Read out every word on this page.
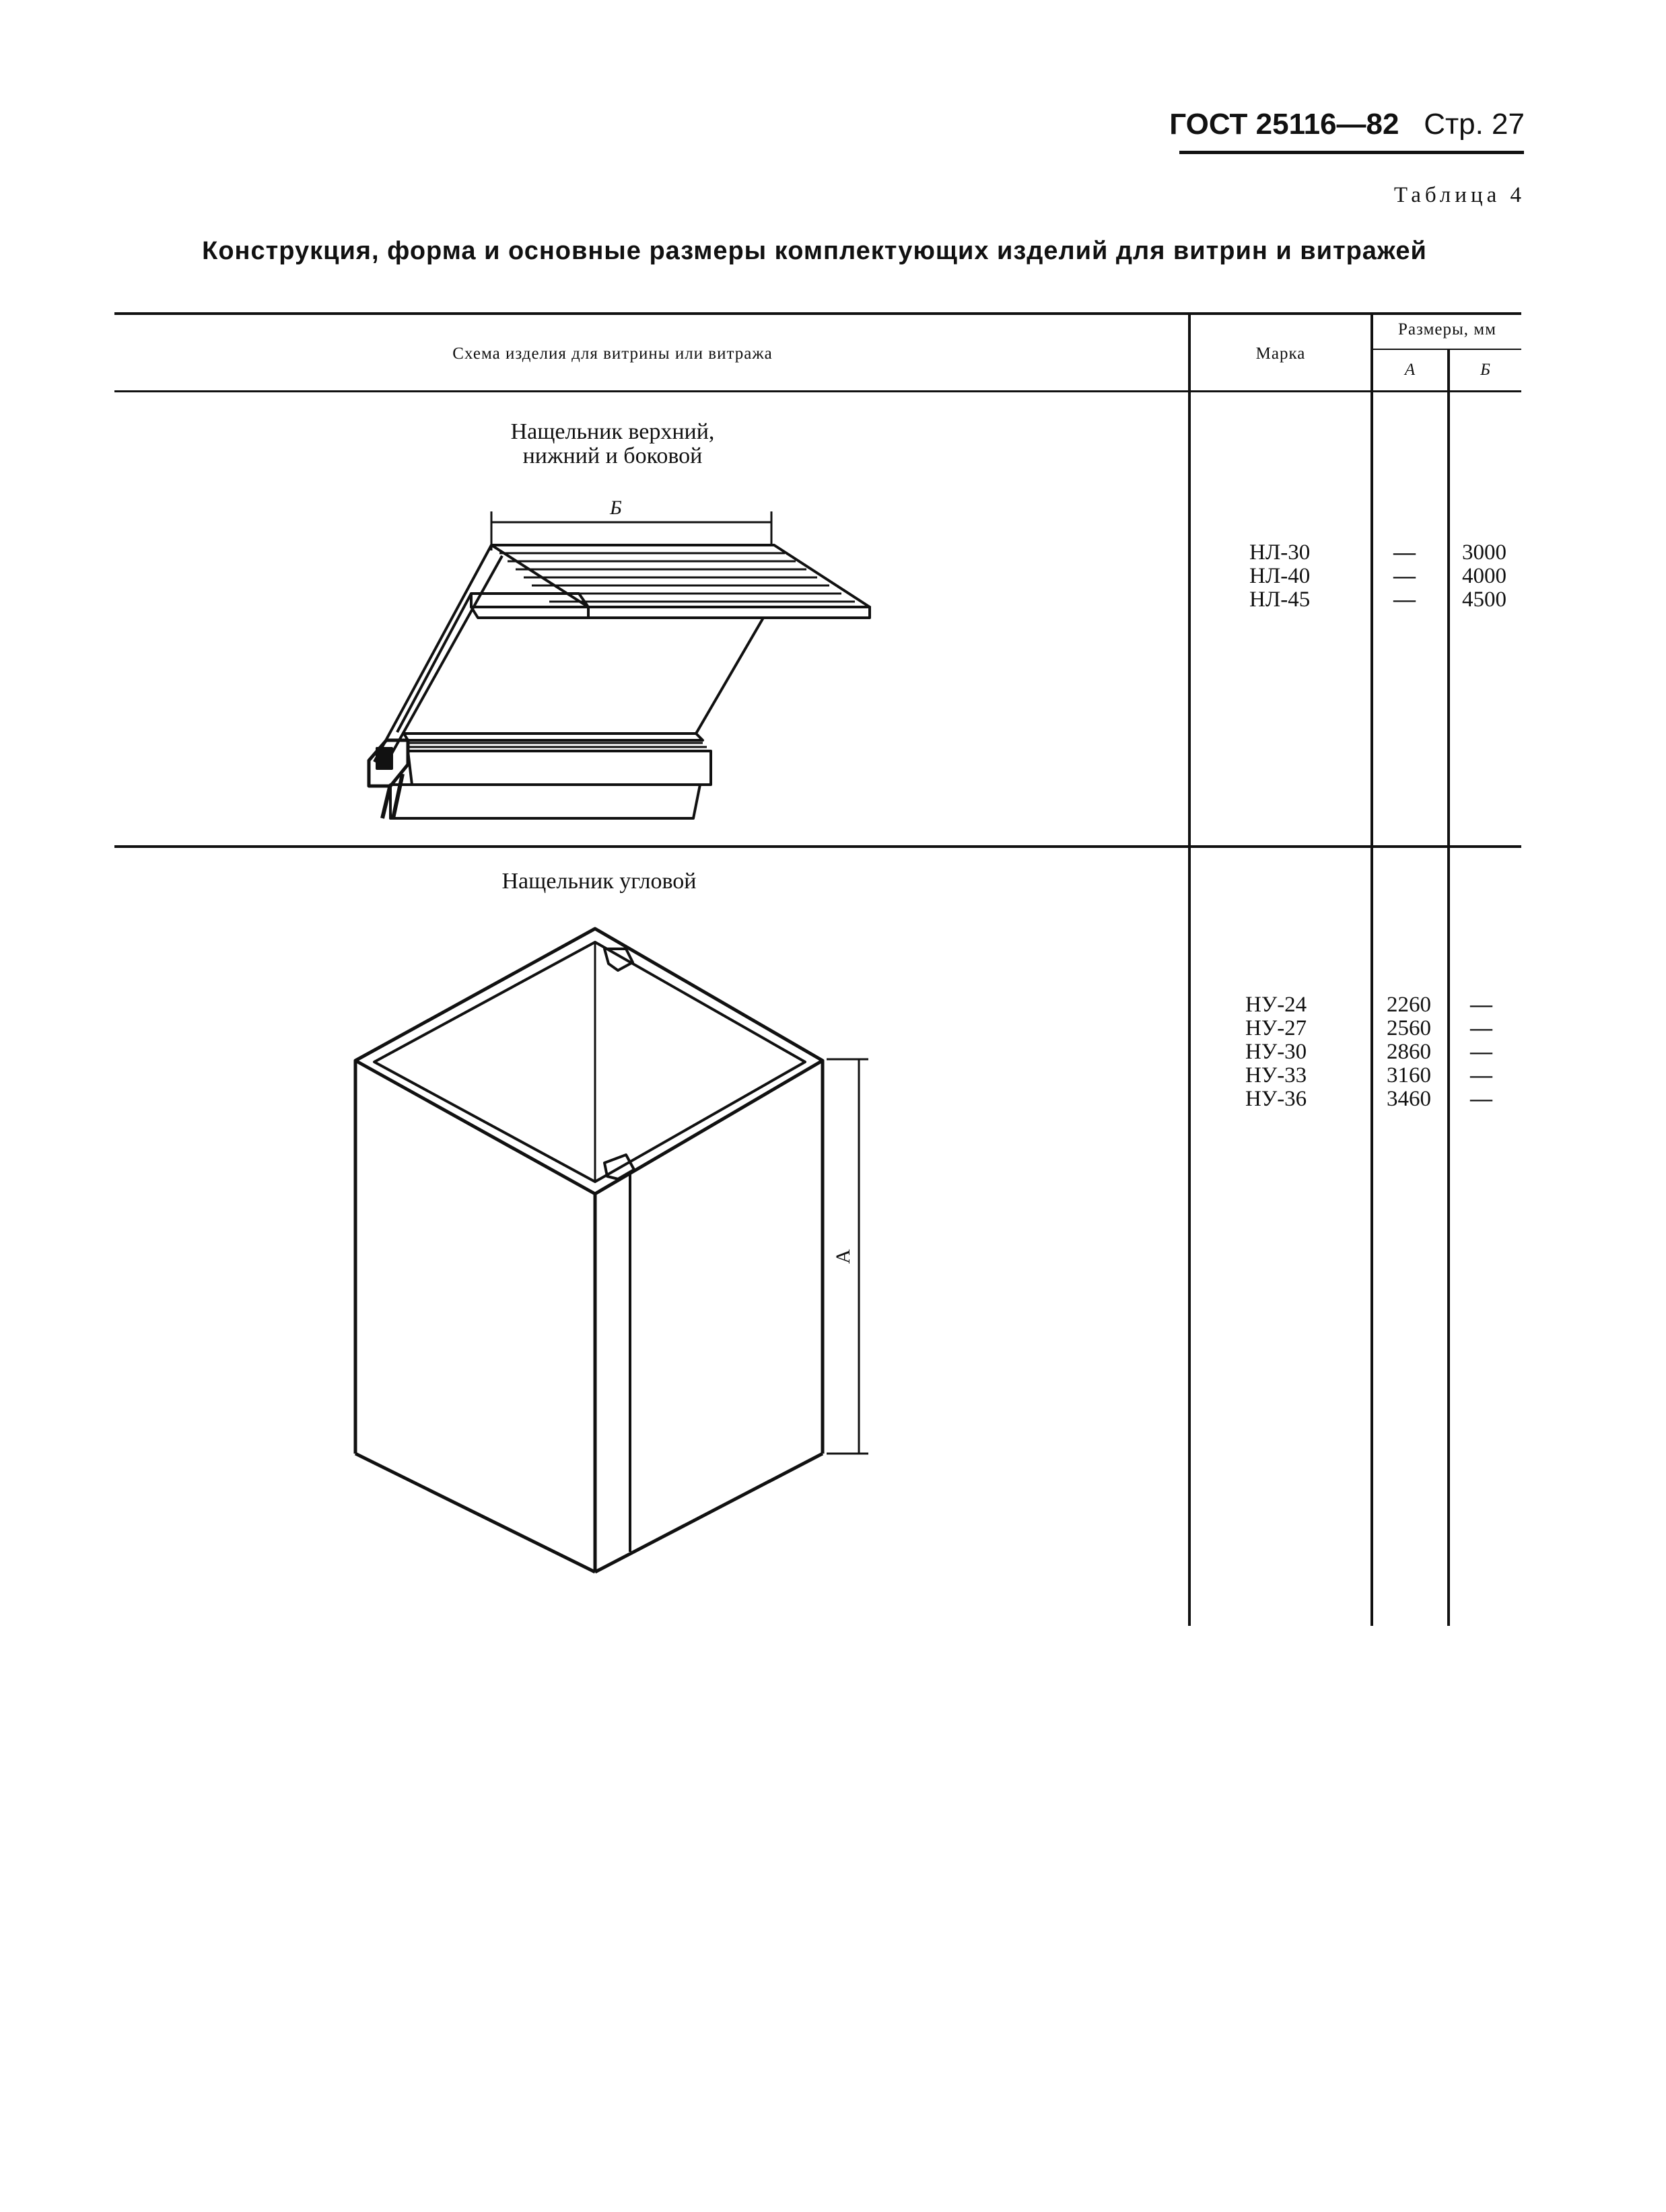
ГОСТ 25116—82 Стр. 27
Таблица 4
Конструкция, форма и основные размеры комплектующих изделий для витрин и витражей
Схема изделия для витрины или витража	Марка
Размеры, мм
А	Б
Нащельник верхний,
нижний и боковой
Б
НЛ-30
НЛ-40
НЛ-45
—
—
—
3000
4000
4500
Нащельник угловой
А
НУ-24
НУ-27
НУ-30
НУ-33
НУ-36
2260
2560
2860
3160
3460
—
—
—
—
—
